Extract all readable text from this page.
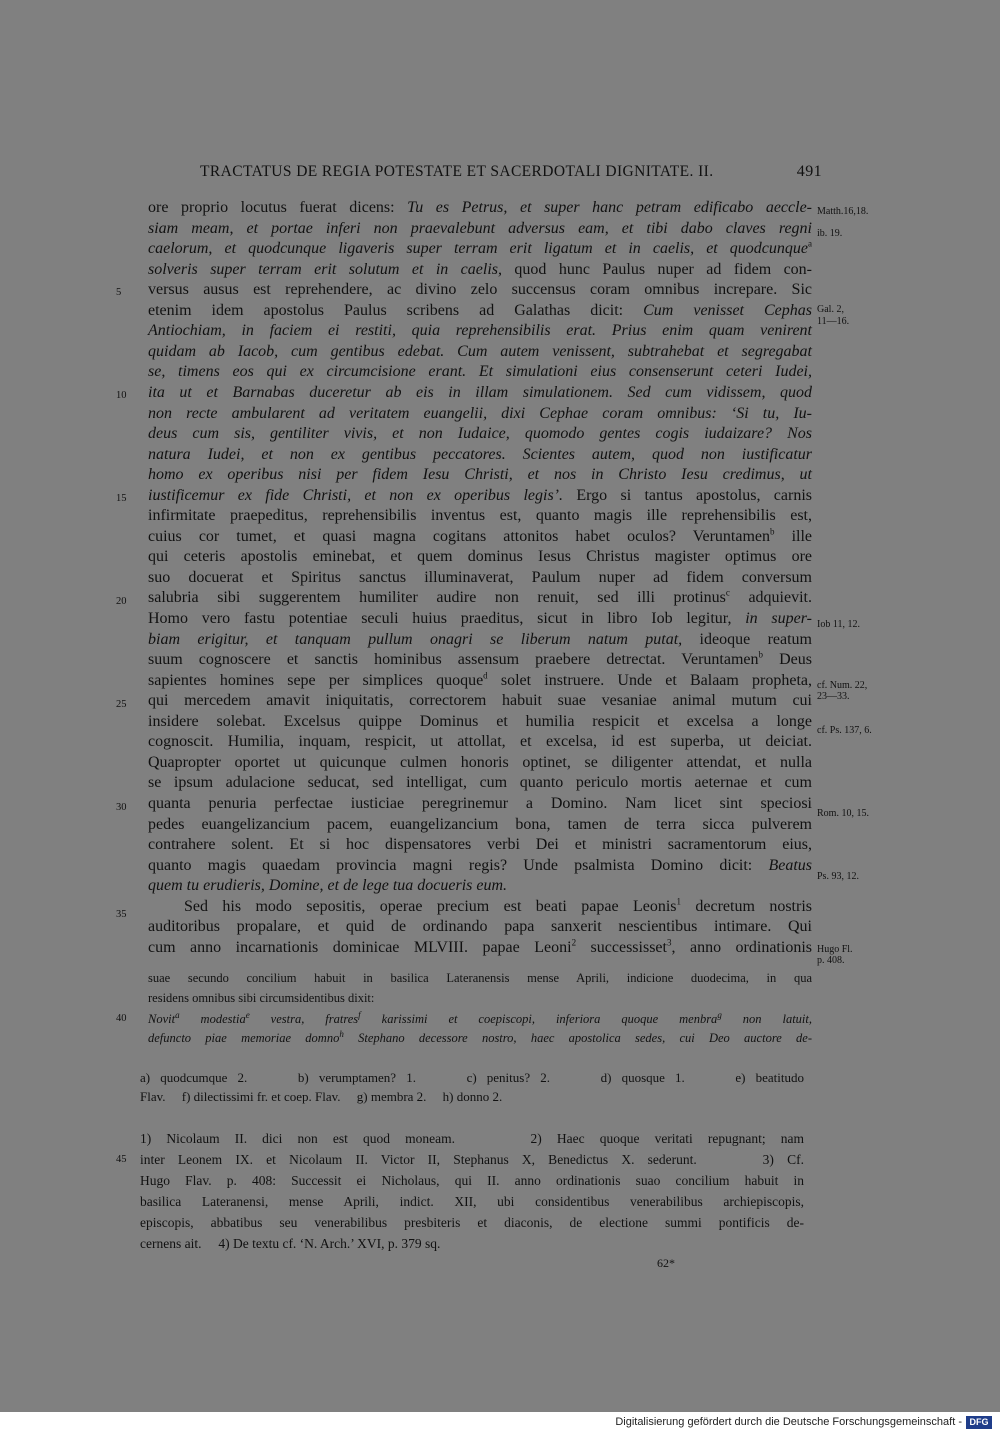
TRACTATUS DE REGIA POTESTATE ET SACERDOTALI DIGNITATE. II.	491
ore proprio locutus fuerat dicens: Tu es Petrus, et super hanc petram edificabo aeccle-
siam meam, et portae inferi non praevalebunt adversus eam, et tibi dabo claves regni
caelorum, et quodcunque ligaveris super terram erit ligatum et in caelis, et quodcunque$^a$
solveris super terram erit solutum et in caelis, quod hunc Paulus nuper ad fidem con-
versus ausus est reprehendere, ac divino zelo succensus coram omnibus increpare. Sic
etenim idem apostolus Paulus scribens ad Galathas dicit: Cum venisset Cephas
Antiochiam, in faciem ei restiti, quia reprehensibilis erat. Prius enim quam venirent
quidam ab Iacob, cum gentibus edebat. Cum autem venissent, subtrahebat et segregabat
se, timens eos qui ex circumcisione erant. Et simulationi eius consenserunt ceteri Iudei,
ita ut et Barnabas duceretur ab eis in illam simulationem. Sed cum vidissem, quod
non recte ambularent ad veritatem euangelii, dixi Cephae coram omnibus: ‘Si tu, Iu-
deus cum sis, gentiliter vivis, et non Iudaice, quomodo gentes cogis iudaizare? Nos
natura Iudei, et non ex gentibus peccatores. Scientes autem, quod non iustificatur
homo ex operibus nisi per fidem Iesu Christi, et nos in Christo Iesu credimus, ut
iustificemur ex fide Christi, et non ex operibus legis’. Ergo si tantus apostolus, carnis
infirmitate praepeditus, reprehensibilis inventus est, quanto magis ille reprehensibilis est,
cuius cor tumet, et quasi magna cogitans attonitos habet oculos? Veruntamen$^b$ ille
qui ceteris apostolis eminebat, et quem dominus Iesus Christus magister optimus ore
suo docuerat et Spiritus sanctus illuminaverat, Paulum nuper ad fidem conversum
salubria sibi suggerentem humiliter audire non renuit, sed illi protinus$^c$ adquievit.
Homo vero fastu potentiae seculi huius praeditus, sicut in libro Iob legitur, in super-
biam erigitur, et tanquam pullum onagri se liberum natum putat, ideoque reatum
suum cognoscere et sanctis hominibus assensum praebere detrectat. Veruntamen$^b$ Deus
sapientes homines sepe per simplices quoque$^d$ solet instruere. Unde et Balaam propheta,
qui mercedem amavit iniquitatis, correctorem habuit suae vesaniae animal mutum cui
insidere solebat. Excelsus quippe Dominus et humilia respicit et excelsa a longe
cognoscit. Humilia, inquam, respicit, ut attollat, et excelsa, id est superba, ut deiciat.
Quapropter oportet ut quicunque culmen honoris optinet, se diligenter attendat, et nulla
se ipsum adulacione seducat, sed intelligat, cum quanto periculo mortis aeternae et cum
quanta penuria perfectae iusticiae peregrinemur a Domino. Nam licet sint speciosi
pedes euangelizancium pacem, euangelizancium bona, tamen de terra sicca pulverem
contrahere solent. Et si hoc dispensatores verbi Dei et ministri sacramentorum eius,
quanto magis quaedam provincia magni regis? Unde psalmista Domino dicit: Beatus
quem tu erudieris, Domine, et de lege tua docueris eum.
Sed his modo sepositis, operae precium est beati papae Leonis$^1$ decretum nostris
auditoribus propalare, et quid de ordinando papa sanxerit nescientibus intimare. Qui
cum anno incarnationis dominicae MLVIII. papae Leoni$^2$ successisset$^3$, anno ordinationis
suae secundo concilium habuit in basilica Lateranensis mense Aprili, indicione duodecima, in qua
residens omnibus sibi circumsidentibus dixit:
Novit$^a$ modestia$^e$ vestra, fratres$^f$ karissimi et coepiscopi, inferiora quoque menbra$^g$ non latuit,
defuncto piae memoriae domno$^h$ Stephano decessore nostro, haec apostolica sedes, cui Deo auctore de-
Matth.16,18.
ib. 19.
Gal. 2,
11—16.
Iob 11, 12.
cf. Num. 22,
23—33.
cf. Ps. 137, 6.
Rom. 10, 15.
Ps. 93, 12.
Hugo Fl.
p. 408.
5
10
15
20
25
30
35
40
a) quodcumque 2.     b) verumptamen? 1.     c) penitus? 2.     d) quosque 1.     e) beatitudo
Flav.     f) dilectissimi fr. et coep. Flav.     g) membra 2.     h) donno 2.
1) Nicolaum II. dici non est quod moneam.     2) Haec quoque veritati repugnant; nam
inter Leonem IX. et Nicolaum II. Victor II, Stephanus X, Benedictus X. sederunt.     3) Cf.
Hugo Flav. p. 408: Successit ei Nicholaus, qui II. anno ordinationis suao concilium habuit in
basilica Lateranensi, mense Aprili, indict. XII, ubi considentibus venerabilibus archiepiscopis,
episcopis, abbatibus seu venerabilibus presbiteris et diaconis, de electione summi pontificis de-
cernens ait.     4) De textu cf. ‘N. Arch.’ XVI, p. 379 sq.
45
62*
Digitalisierung gefördert durch die Deutsche Forschungsgemeinschaft - DFG
